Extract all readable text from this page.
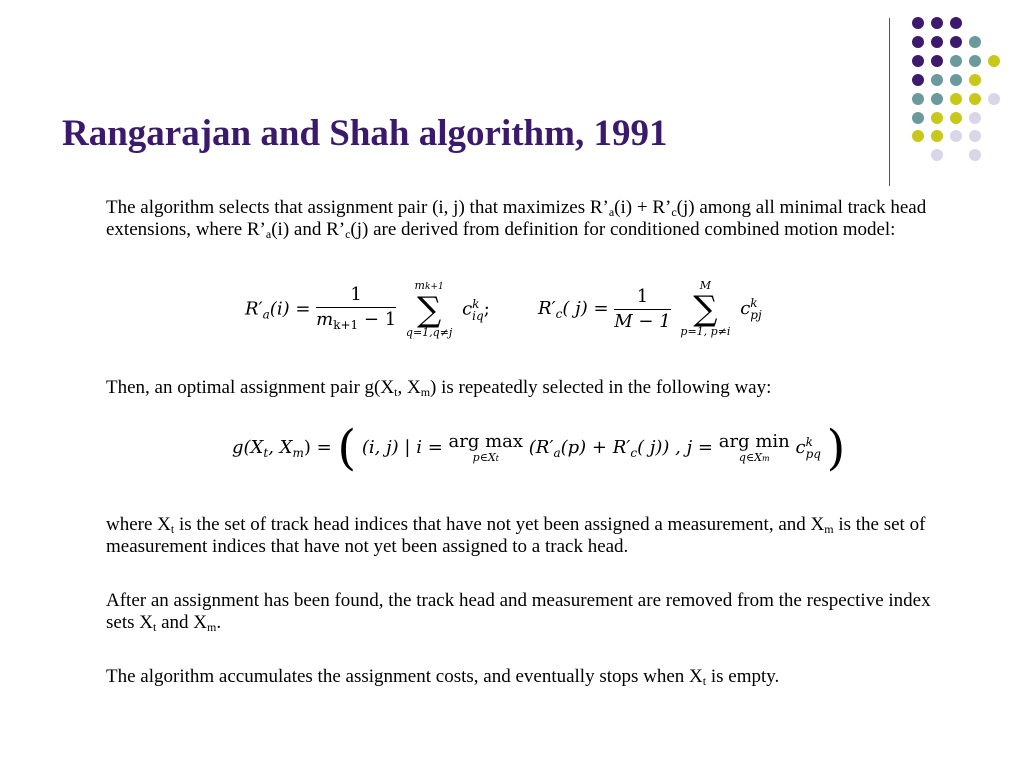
Rangarajan and Shah algorithm, 1991

The algorithm selects that assignment pair (i, j) that maximizes $R’_a(i)$ + $R’_c(j)$ among all minimal track head extensions, where $R’_a(i)$ and $R’_c(j)$ are derived from definition for conditioned combined motion model:

$R'_a(i) = \frac{1}{m_{k+1} - 1}$
	mk+1
∑
q=1,q≠j
c k
iq ;	$R'_c$( $j) = \frac{1}{M - 1}$
	M
∑
p=1, p≠i
c k
pj

Then, an optimal assignment pair $g(X_t$, $X_m$) is repeatedly selected in the following way:

$g(X_t$, $X_m$) = ( (i, j) | i = arg max
p∈Xt	($R'_a(p) + R'_c$( j)) , j = arg min
q∈Xm	c k
pq )

where $X_t$ is the set of track head indices that have not yet been assigned a measurement, and $X_m$ is the set of measurement indices that have not yet been assigned to a track head.

After an assignment has been found, the track head and measurement are removed from the respective index sets $X_t$ and $X_m$.

The algorithm accumulates the assignment costs, and eventually stops when $X_t$ is empty.
